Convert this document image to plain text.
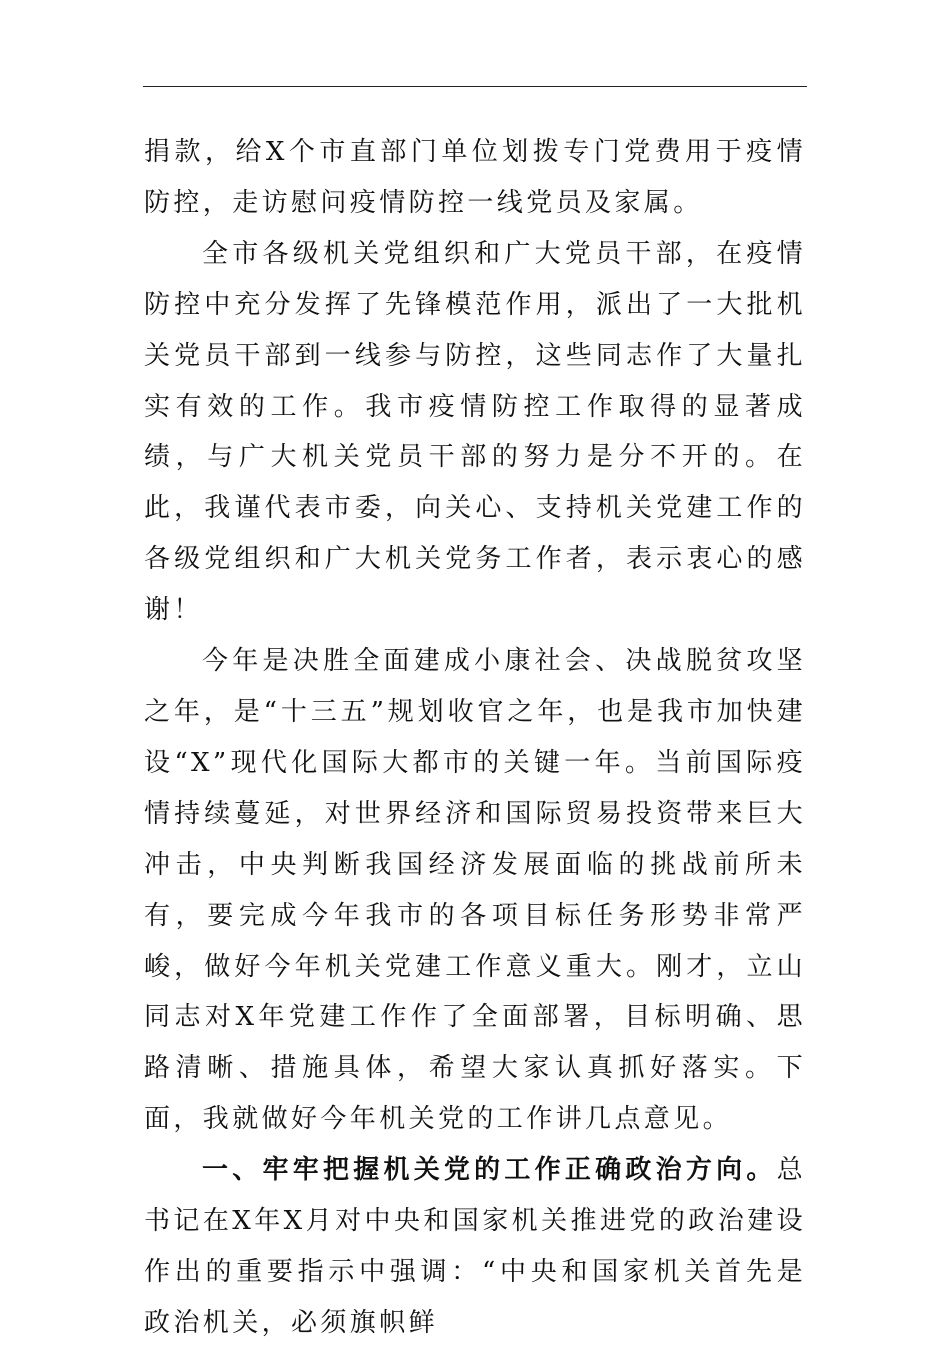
捐款，给X个市直部门单位划拨专门党费用于疫情防控，走访慰问疫情防控一线党员及家属。

全市各级机关党组织和广大党员干部，在疫情防控中充分发挥了先锋模范作用，派出了一大批机关党员干部到一线参与防控，这些同志作了大量扎实有效的工作。我市疫情防控工作取得的显著成绩，与广大机关党员干部的努力是分不开的。在此，我谨代表市委，向关心、支持机关党建工作的各级党组织和广大机关党务工作者，表示衷心的感谢！

今年是决胜全面建成小康社会、决战脱贫攻坚之年，是“十三五”规划收官之年，也是我市加快建设“X”现代化国际大都市的关键一年。当前国际疫情持续蔓延，对世界经济和国际贸易投资带来巨大冲击，中央判断我国经济发展面临的挑战前所未有，要完成今年我市的各项目标任务形势非常严峻，做好今年机关党建工作意义重大。刚才，立山同志对X年党建工作作了全面部署，目标明确、思路清晰、措施具体，希望大家认真抓好落实。下面，我就做好今年机关党的工作讲几点意见。

一、牢牢把握机关党的工作正确政治方向。总书记在X年X月对中央和国家机关推进党的政治建设作出的重要指示中强调：“中央和国家机关首先是政治机关，必须旗帜鲜
